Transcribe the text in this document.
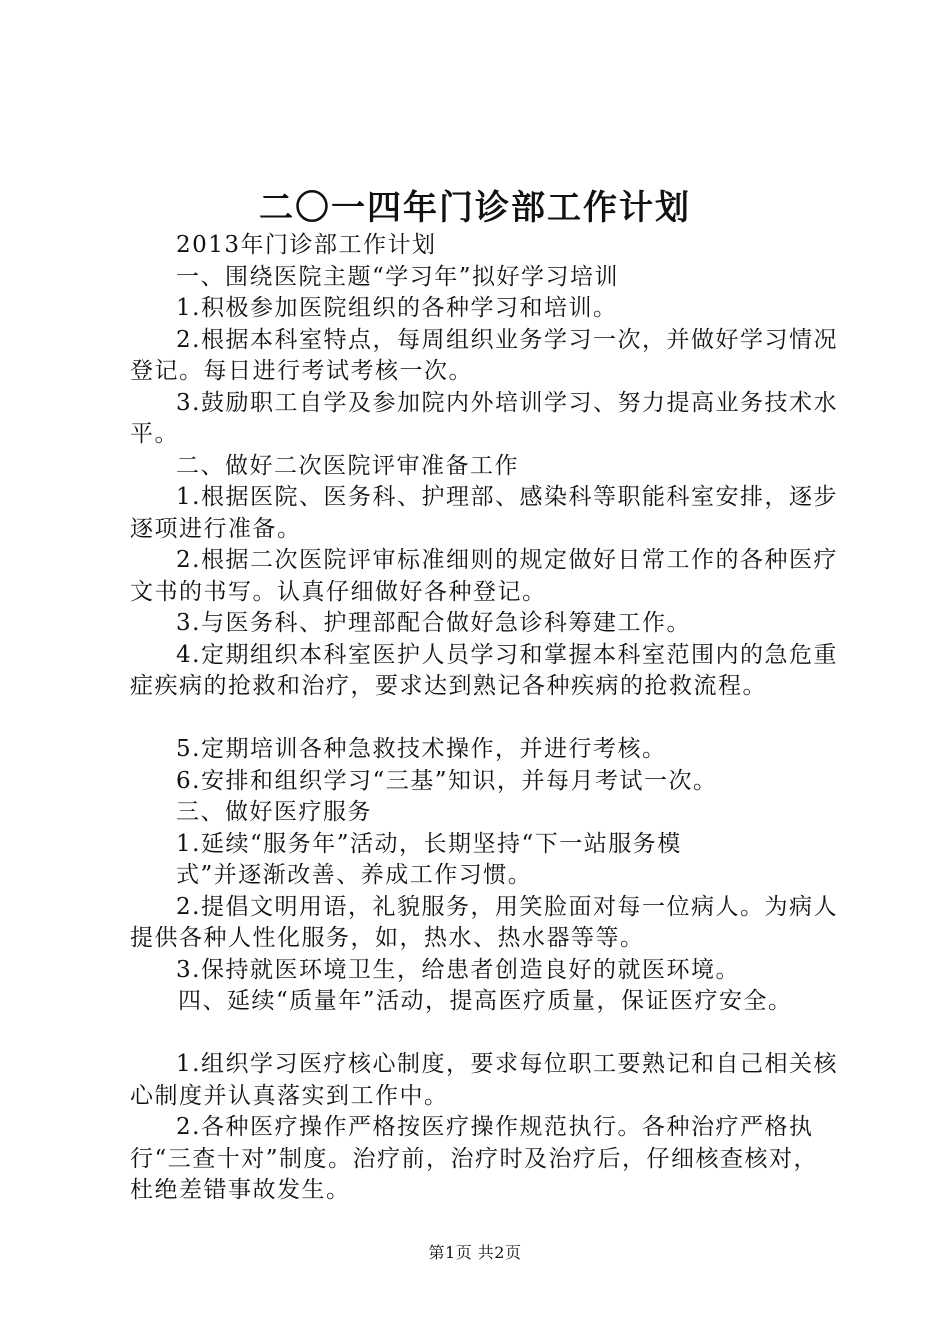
二〇一四年门诊部工作计划

2013年门诊部工作计划

一、围绕医院主题“学习年”拟好学习培训

1.积极参加医院组织的各种学习和培训。

2.根据本科室特点，每周组织业务学习一次，并做好学习情况登记。每日进行考试考核一次。

3.鼓励职工自学及参加院内外培训学习、努力提高业务技术水平。

二、做好二次医院评审准备工作

1.根据医院、医务科、护理部、感染科等职能科室安排，逐步逐项进行准备。

2.根据二次医院评审标准细则的规定做好日常工作的各种医疗文书的书写。认真仔细做好各种登记。

3.与医务科、护理部配合做好急诊科筹建工作。

4.定期组织本科室医护人员学习和掌握本科室范围内的急危重症疾病的抢救和治疗，要求达到熟记各种疾病的抢救流程。

5.定期培训各种急救技术操作，并进行考核。

6.安排和组织学习“三基”知识，并每月考试一次。

三、做好医疗服务

1.延续“服务年”活动，长期坚持“下一站服务模

式”并逐渐改善、养成工作习惯。

2.提倡文明用语，礼貌服务，用笑脸面对每一位病人。为病人提供各种人性化服务，如，热水、热水器等等。

3.保持就医环境卫生，给患者创造良好的就医环境。

四、延续“质量年”活动，提高医疗质量，保证医疗安全。

1.组织学习医疗核心制度，要求每位职工要熟记和自己相关核心制度并认真落实到工作中。

2.各种医疗操作严格按医疗操作规范执行。各种治疗严格执行“三查十对”制度。治疗前，治疗时及治疗后，仔细核查核对，杜绝差错事故发生。

第1页 共2页
